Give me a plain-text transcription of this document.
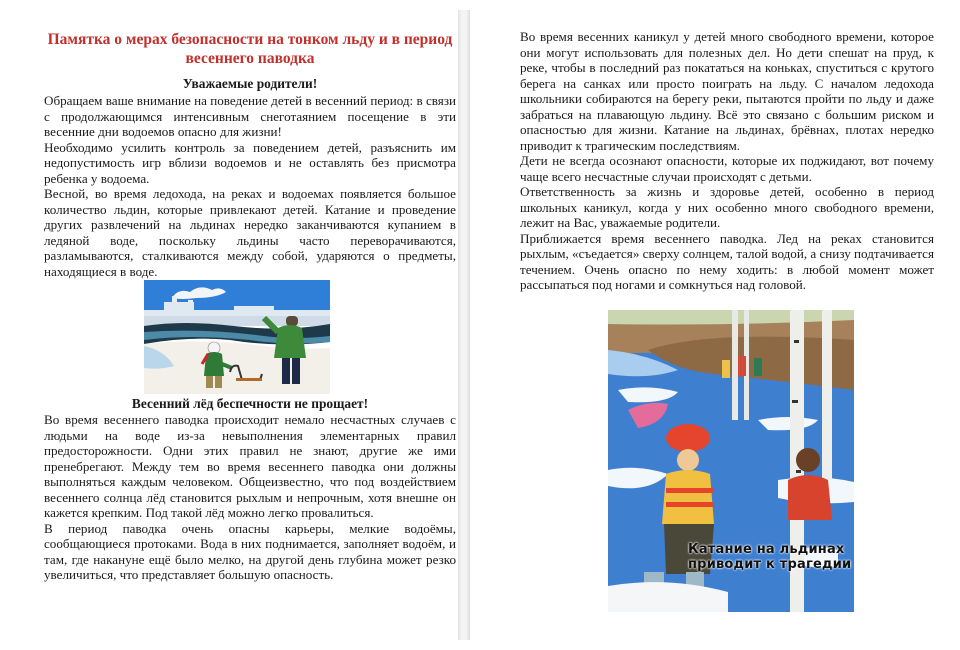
Памятка о мерах безопасности на тонком льду и в период весеннего паводка
Уважаемые родители!

Обращаем ваше внимание на поведение детей в весенний период: в связи с продолжающимся интенсивным снеготаянием посещение в эти весенние дни водоемов опасно для жизни!

Необходимо усилить контроль за поведением детей, разъяснить им недопустимость игр вблизи водоемов и не оставлять без присмотра ребенка у водоема.

Весной, во время ледохода, на реках и водоемах появляется большое количество льдин, которые привлекают детей. Катание и проведение других развлечений на льдинах нередко заканчиваются купанием в ледяной воде, поскольку льдины часто переворачиваются, разламываются, сталкиваются между собой, ударяются о предметы, находящиеся в воде.

Весенний лёд беспечности не прощает!

Во время весеннего паводка происходит немало несчастных случаев с людьми на воде из-за невыполнения элементарных правил предосторожности. Одни этих правил не знают, другие же ими пренебрегают. Между тем во время весеннего паводка они должны выполняться каждым человеком. Общеизвестно, что под воздействием весеннего солнца лёд становится рыхлым и непрочным, хотя внешне он кажется крепким. Под такой лёд можно легко провалиться.

В период паводка очень опасны карьеры, мелкие водоёмы, сообщающиеся протоками. Вода в них поднимается, заполняет водоём, и там, где накануне ещё было мелко, на другой день глубина может резко увеличиться, что представляет большую опасность.

Во время весенних каникул у детей много свободного времени, которое они могут использовать для полезных дел. Но дети спешат на пруд, к реке, чтобы в последний раз покататься на коньках, спуститься с крутого берега на санках или просто поиграть на льду. С началом ледохода школьники собираются на берегу реки, пытаются пройти по льду и даже забраться на плавающую льдину. Всё это связано с большим риском и опасностью для жизни. Катание на льдинах, брёвнах, плотах нередко приводит к трагическим последствиям.

Дети не всегда осознают опасности, которые их поджидают, вот почему чаще всего несчастные случаи происходят с детьми.

Ответственность за жизнь и здоровье детей, особенно в период школьных каникул, когда у них особенно много свободного времени, лежит на Вас, уважаемые родители.

Приближается время весеннего паводка. Лед на реках становится рыхлым, «съедается» сверху солнцем, талой водой, а снизу подтачивается течением. Очень опасно по нему ходить: в любой момент может рассыпаться под ногами и сомкнуться над головой.

Катание на льдинах
приводит к трагедии
